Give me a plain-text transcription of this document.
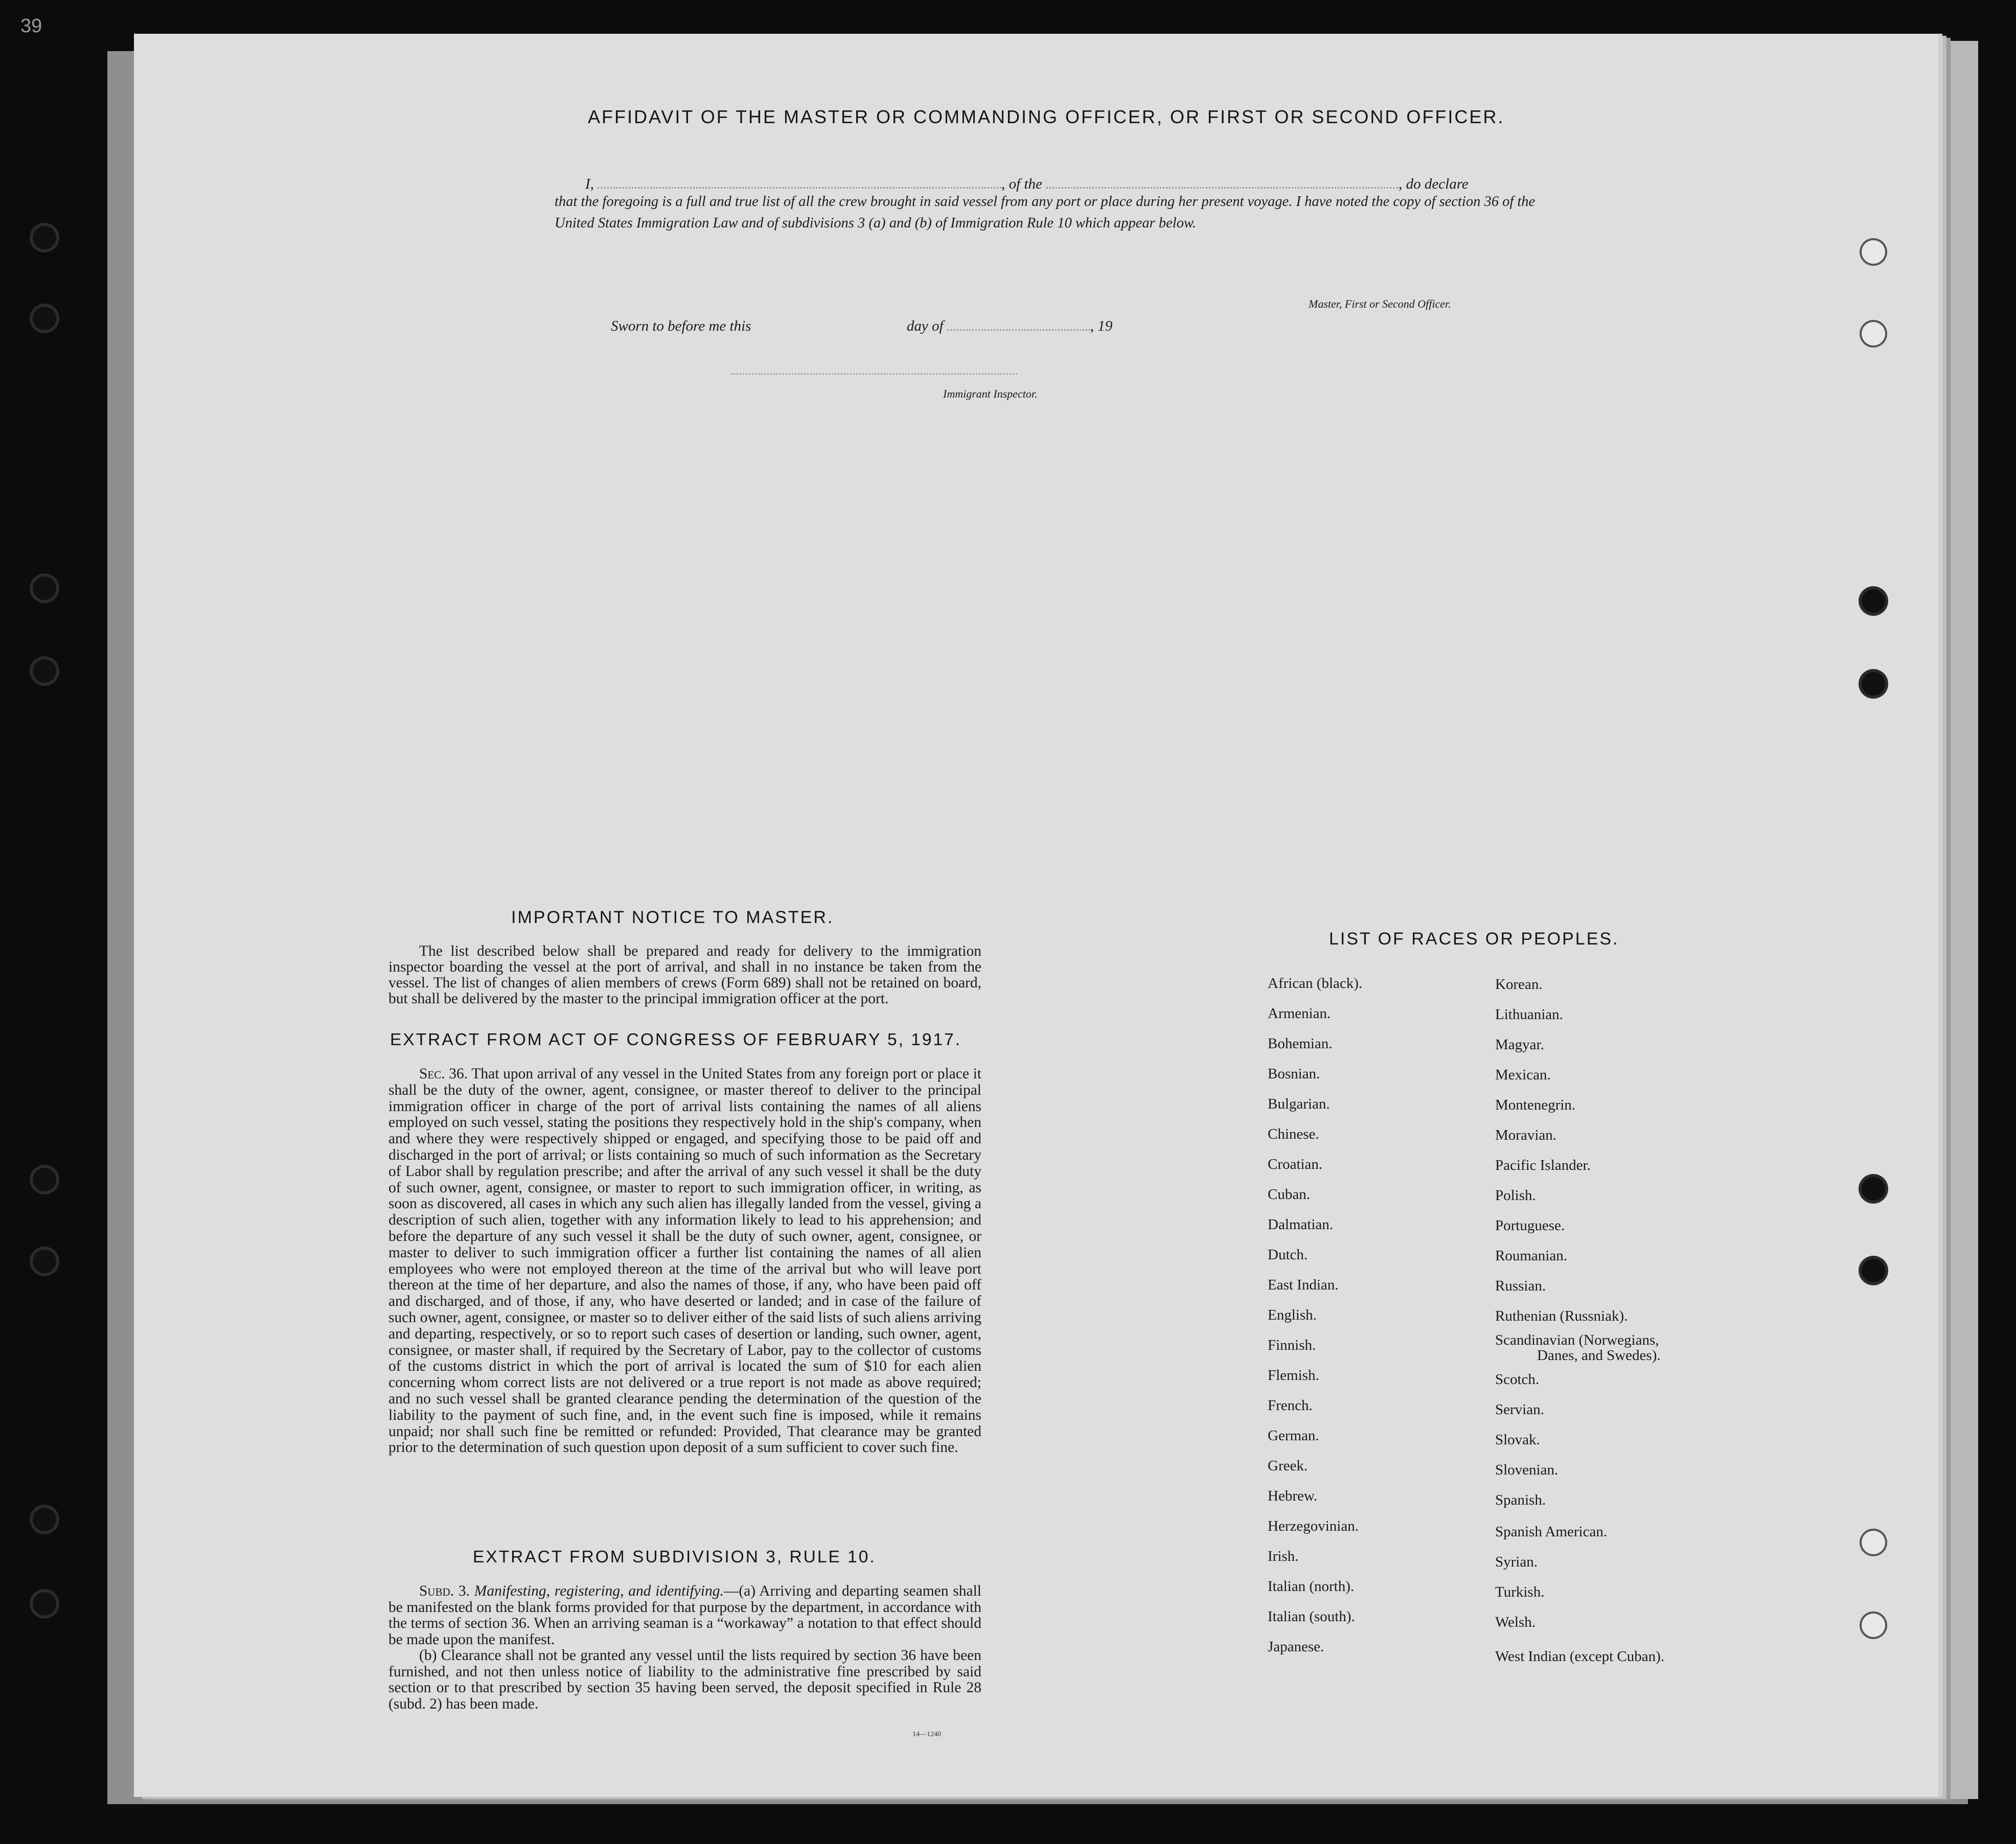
39
AFFIDAVIT OF THE MASTER OR COMMANDING OFFICER, OR FIRST OR SECOND OFFICER.
I,	, of the	, do declare
that the foregoing is a full and true list of all the crew brought in said vessel from any port or place during her present voyage. I have noted the copy of section 36 of the United States Immigration Law and of subdivisions 3 (a) and (b) of Immigration Rule 10 which appear below.
Master, First or Second Officer.
Sworn to before me this	day of	, 19
Immigrant Inspector.
IMPORTANT NOTICE TO MASTER.
The list described below shall be prepared and ready for delivery to the immigration inspector boarding the vessel at the port of arrival, and shall in no instance be taken from the vessel. The list of changes of alien members of crews (Form 689) shall not be retained on board, but shall be delivered by the master to the principal immigration officer at the port.
EXTRACT FROM ACT OF CONGRESS OF FEBRUARY 5, 1917.
Sec. 36. That upon arrival of any vessel in the United States from any foreign port or place it shall be the duty of the owner, agent, consignee, or master thereof to deliver to the principal immigration officer in charge of the port of arrival lists containing the names of all aliens employed on such vessel, stating the positions they respectively hold in the ship's company, when and where they were respectively shipped or engaged, and specifying those to be paid off and discharged in the port of arrival; or lists containing so much of such information as the Secretary of Labor shall by regulation prescribe; and after the arrival of any such vessel it shall be the duty of such owner, agent, consignee, or master to report to such immigration officer, in writing, as soon as discovered, all cases in which any such alien has illegally landed from the vessel, giving a description of such alien, together with any information likely to lead to his apprehension; and before the departure of any such vessel it shall be the duty of such owner, agent, consignee, or master to deliver to such immigration officer a further list containing the names of all alien employees who were not employed thereon at the time of the arrival but who will leave port thereon at the time of her departure, and also the names of those, if any, who have been paid off and discharged, and of those, if any, who have deserted or landed; and in case of the failure of such owner, agent, consignee, or master so to deliver either of the said lists of such aliens arriving and departing, respectively, or so to report such cases of desertion or landing, such owner, agent, consignee, or master shall, if required by the Secretary of Labor, pay to the collector of customs of the customs district in which the port of arrival is located the sum of $10 for each alien concerning whom correct lists are not delivered or a true report is not made as above required; and no such vessel shall be granted clearance pending the determination of the question of the liability to the payment of such fine, and, in the event such fine is imposed, while it remains unpaid; nor shall such fine be remitted or refunded: Provided, That clearance may be granted prior to the determination of such question upon deposit of a sum sufficient to cover such fine.
EXTRACT FROM SUBDIVISION 3, RULE 10.

Subd. 3. Manifesting, registering, and identifying.—(a) Arriving and departing seamen shall be manifested on the blank forms provided for that purpose by the department, in accordance with the terms of section 36. When an arriving seaman is a “workaway” a notation to that effect should be made upon the manifest.

(b) Clearance shall not be granted any vessel until the lists required by section 36 have been furnished, and not then unless notice of liability to the administrative fine prescribed by said section or to that prescribed by section 35 having been served, the deposit specified in Rule 28 (subd. 2) has been made.

14—1240
LIST OF RACES OR PEOPLES.
African (black).
Armenian.
Bohemian.
Bosnian.
Bulgarian.
Chinese.
Croatian.
Cuban.
Dalmatian.
Dutch.
East Indian.
English.
Finnish.
Flemish.
French.
German.
Greek.
Hebrew.
Herzegovinian.
Irish.
Italian (north).
Italian (south).
Japanese.
Korean.
Lithuanian.
Magyar.
Mexican.
Montenegrin.
Moravian.
Pacific Islander.
Polish.
Portuguese.
Roumanian.
Russian.
Ruthenian (Russniak).
Scandinavian (Norwegians,
Danes, and Swedes).
Scotch.
Servian.
Slovak.
Slovenian.
Spanish.
Spanish American.
Syrian.
Turkish.
Welsh.
West Indian (except Cuban).
